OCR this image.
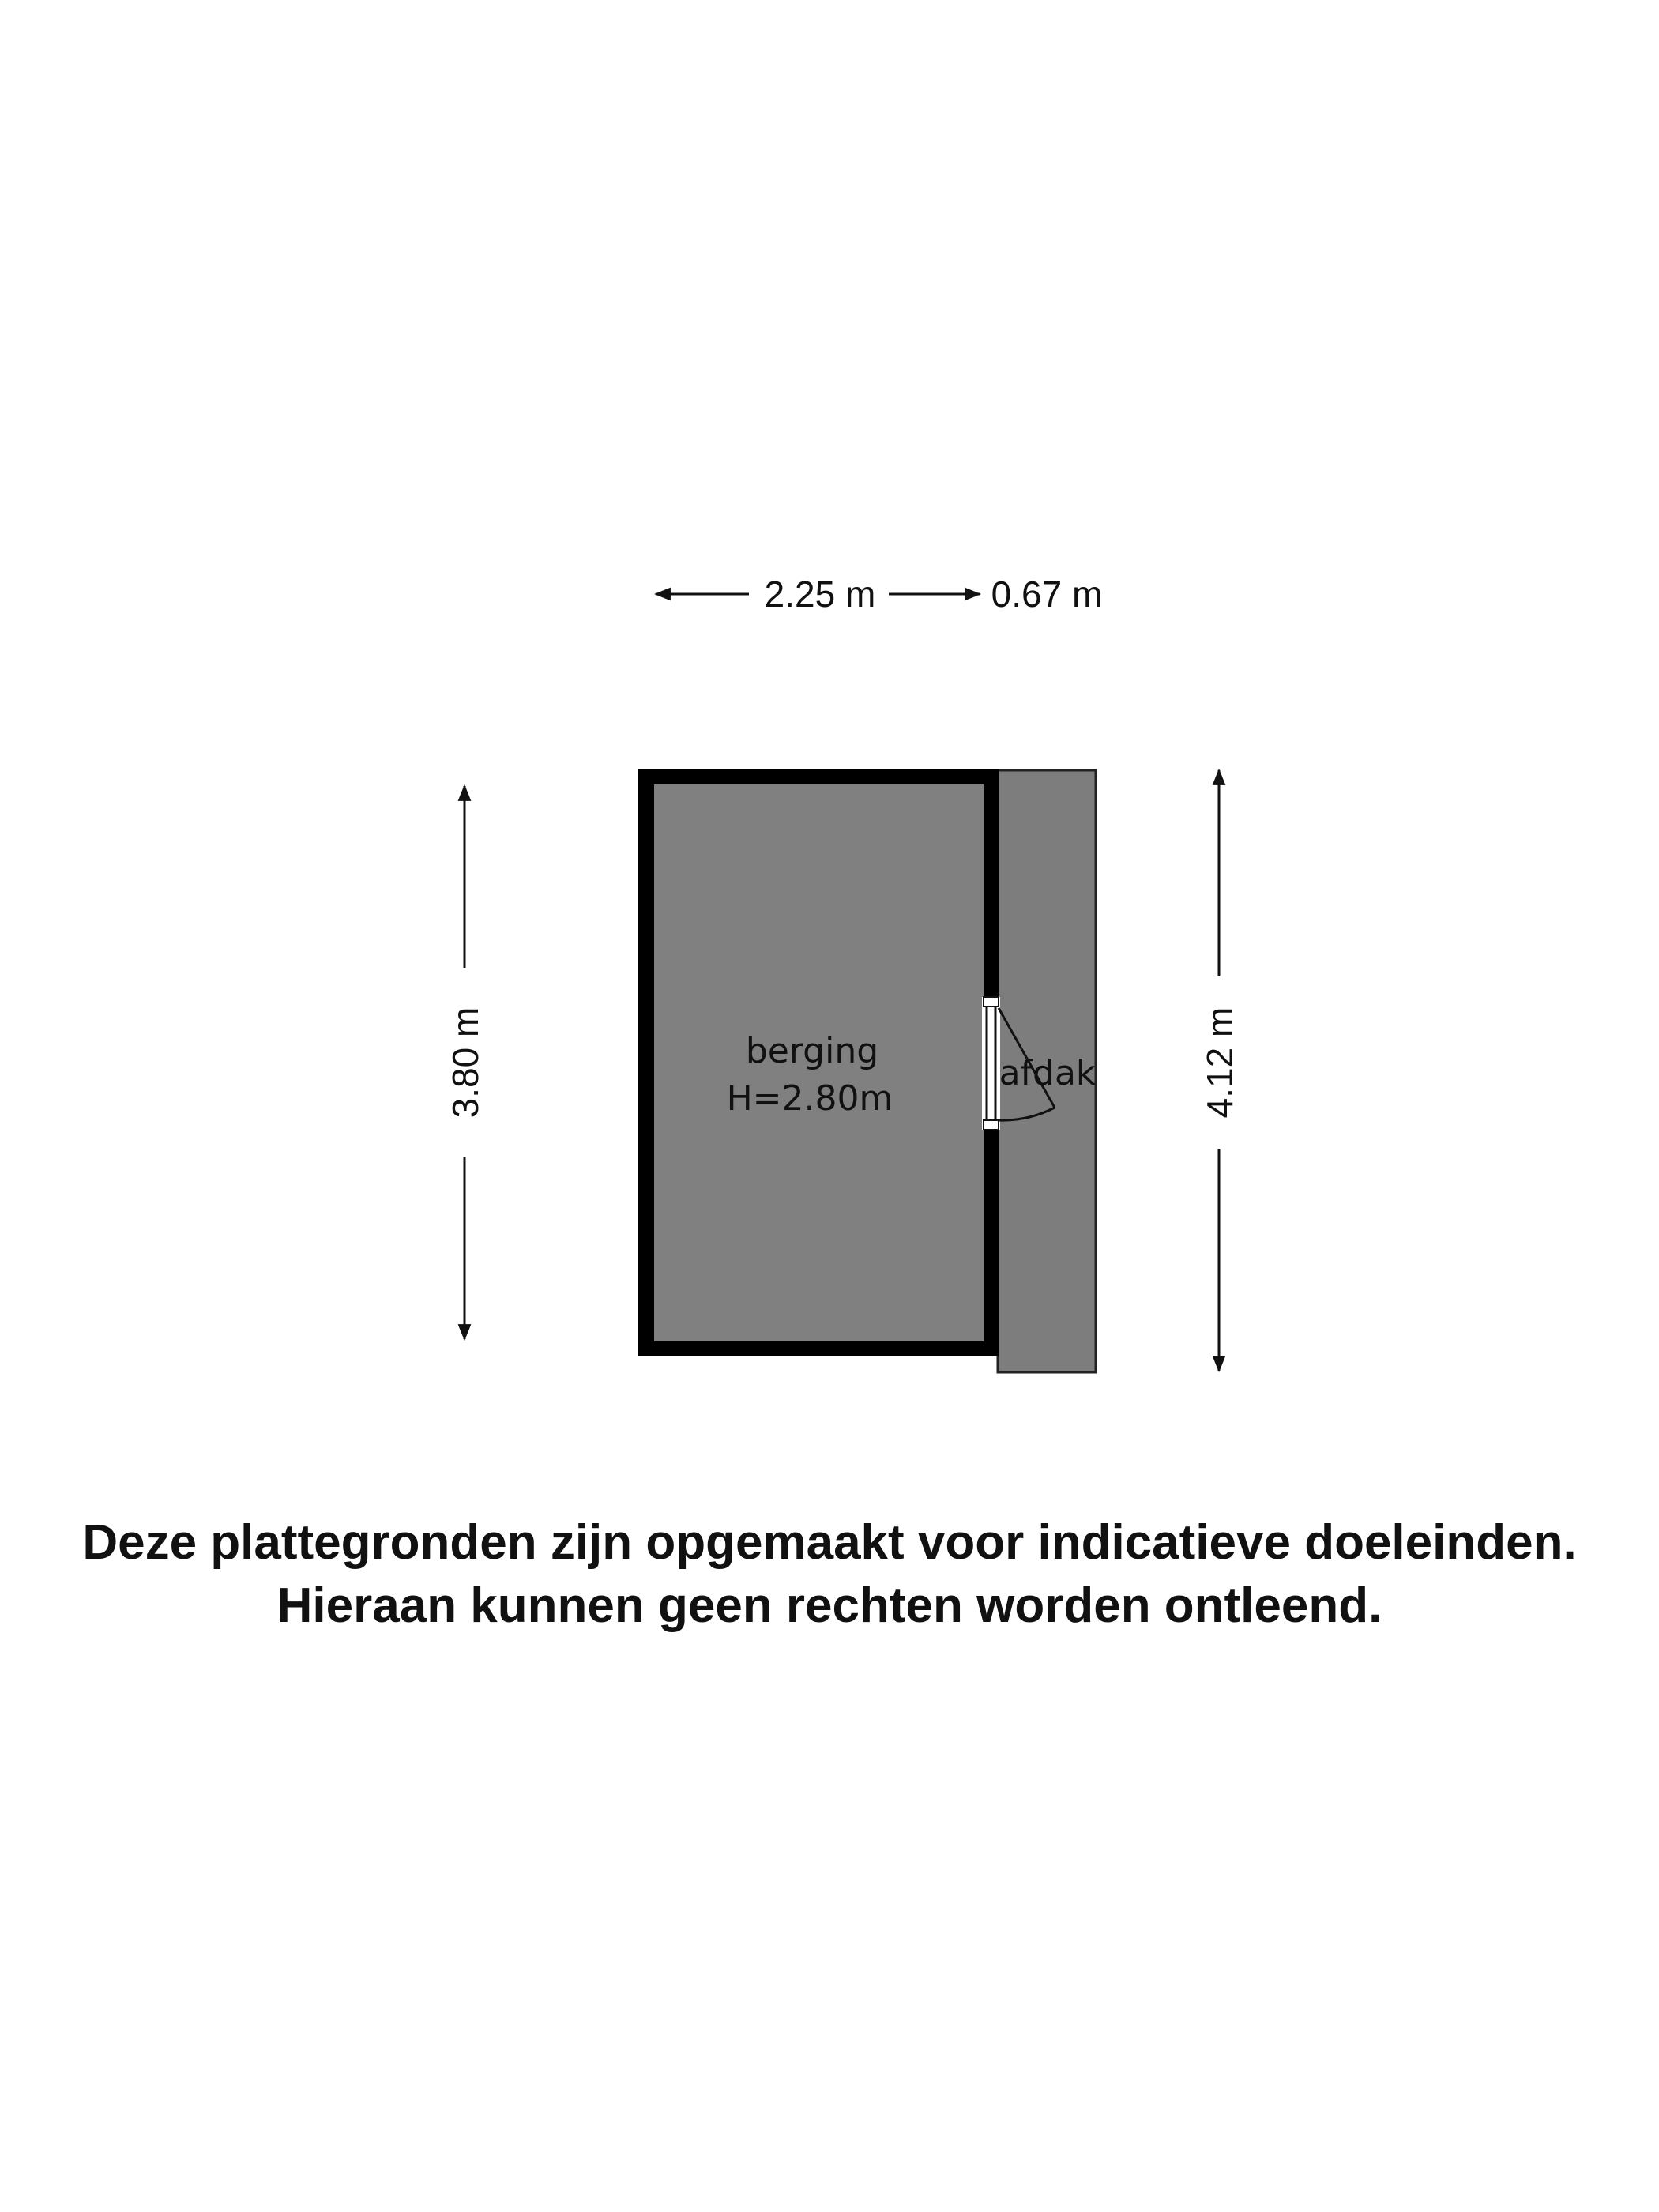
2.25 m	0.67 m
3.80 m	4.12 m
berging
H=2.80m
afdak
Deze plattegronden zijn opgemaakt voor indicatieve doeleinden.
Hieraan kunnen geen rechten worden ontleend.
